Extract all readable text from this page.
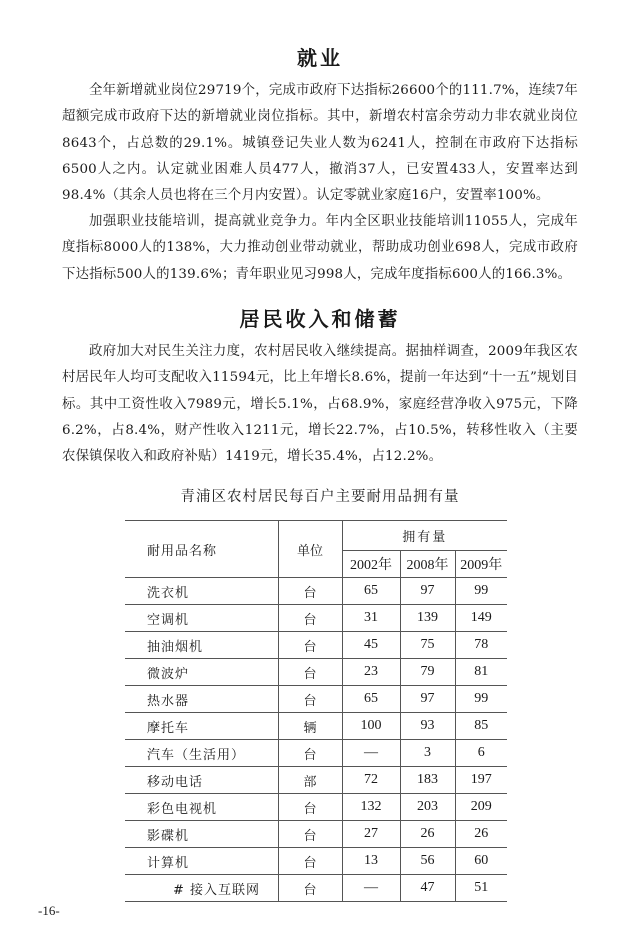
就业

全年新增就业岗位29719个，完成市政府下达指标26600个的111.7%，连续7年超额完成市政府下达的新增就业岗位指标。其中，新增农村富余劳动力非农就业岗位8643个，占总数的29.1%。城镇登记失业人数为6241人，控制在市政府下达指标6500人之内。认定就业困难人员477人，撤消37人，已安置433人，安置率达到98.4%（其余人员也将在三个月内安置）。认定零就业家庭16户，安置率100%。

加强职业技能培训，提高就业竞争力。年内全区职业技能培训11055人，完成年度指标8000人的138%，大力推动创业带动就业，帮助成功创业698人，完成市政府下达指标500人的139.6%；青年职业见习998人，完成年度指标600人的166.3%。

居民收入和储蓄

政府加大对民生关注力度，农村居民收入继续提高。据抽样调查，2009年我区农村居民年人均可支配收入11594元，比上年增长8.6%，提前一年达到“十一五”规划目标。其中工资性收入7989元，增长5.1%，占68.9%，家庭经营净收入975元，下降6.2%，占8.4%，财产性收入1211元，增长22.7%，占10.5%，转移性收入（主要农保镇保收入和政府补贴）1419元，增长35.4%，占12.2%。

青浦区农村居民每百户主要耐用品拥有量
耐用品名称	单位	拥有量		
		2002年	2008年	2009年
洗衣机	台	65	97	99
空调机	台	31	139	149
抽油烟机	台	45	75	78
微波炉	台	23	79	81
热水器	台	65	97	99
摩托车	辆	100	93	85
汽车（生活用）	台	—	3	6
移动电话	部	72	183	197
彩色电视机	台	132	203	209
影碟机	台	27	26	26
计算机	台	13	56	60
# 接入互联网	台	—	47	51
-16-
